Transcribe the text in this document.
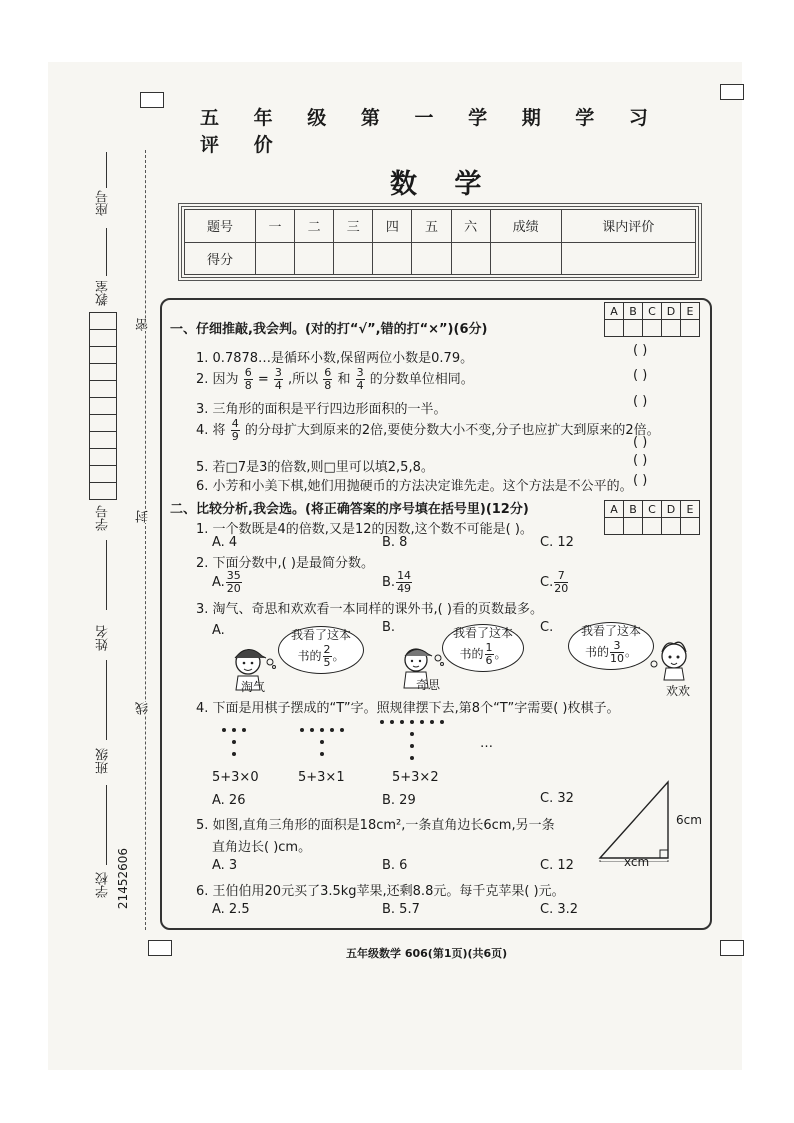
五 年 级 第 一 学 期 学 习 评 价
数 学
题号	一	二	三	四	五	六	成绩	课内评价
得分								
座号
教室
学号
姓名
班级
学校 21452606
密
封
线
A	B	C	D	E

A	B	C	D	E

一、仔细推敲,我会判。(对的打“√”,错的打“×”)(6分)
1. 0.7878…是循环小数,保留两位小数是0.79。
( )
2. 因为 $\frac{6}{8} = \frac{3}{4}$ ,所以 $\frac{6}{8}$ 和 $\frac{3}{4}$ 的分数单位相同。	( )
3. 三角形的面积是平行四边形面积的一半。
( )
4. 将 $\frac{4}{9}$ 的分母扩大到原来的2倍,要使分数大小不变,分子也应扩大到原来的2倍。
( )
5. 若□7是3的倍数,则□里可以填2,5,8。	( )
6. 小芳和小美下棋,她们用抛硬币的方法决定谁先走。这个方法是不公平的。 ( )
二、比较分析,我会选。(将正确答案的序号填在括号里)(12分)
1. 一个数既是4的倍数,又是12的因数,这个数不可能是( )。
A. 4	B. 8	C. 12
2. 下面分数中,( )是最简分数。
A. $\frac{35}{20}$	B. $\frac{14}{49}$	C. $\frac{7}{20}$
3. 淘气、奇思和欢欢看一本同样的课外书,( )看的页数最多。
A.	B.	C.
我看了这本
书的 $\frac{2}{5}$ 。
我看了这本
书的 $\frac{1}{6}$ 。
我看了这本
书的 $\frac{3}{10}$ 。
淘气	奇思	欢欢
4. 下面是用棋子摆成的“T”字。照规律摆下去,第8个“T”字需要( )枚棋子。
…
5+3×0	5+3×1	5+3×2
A. 26	B. 29	C. 32
5. 如图,直角三角形的面积是18cm²,一条直角边长6cm,另一条
直角边长( )cm。
A. 3	B. 6	C. 12
6cm
xcm
6. 王伯伯用20元买了3.5kg苹果,还剩8.8元。每千克苹果( )元。
A. 2.5	B. 5.7	C. 3.2
五年级数学 606(第1页)(共6页)
